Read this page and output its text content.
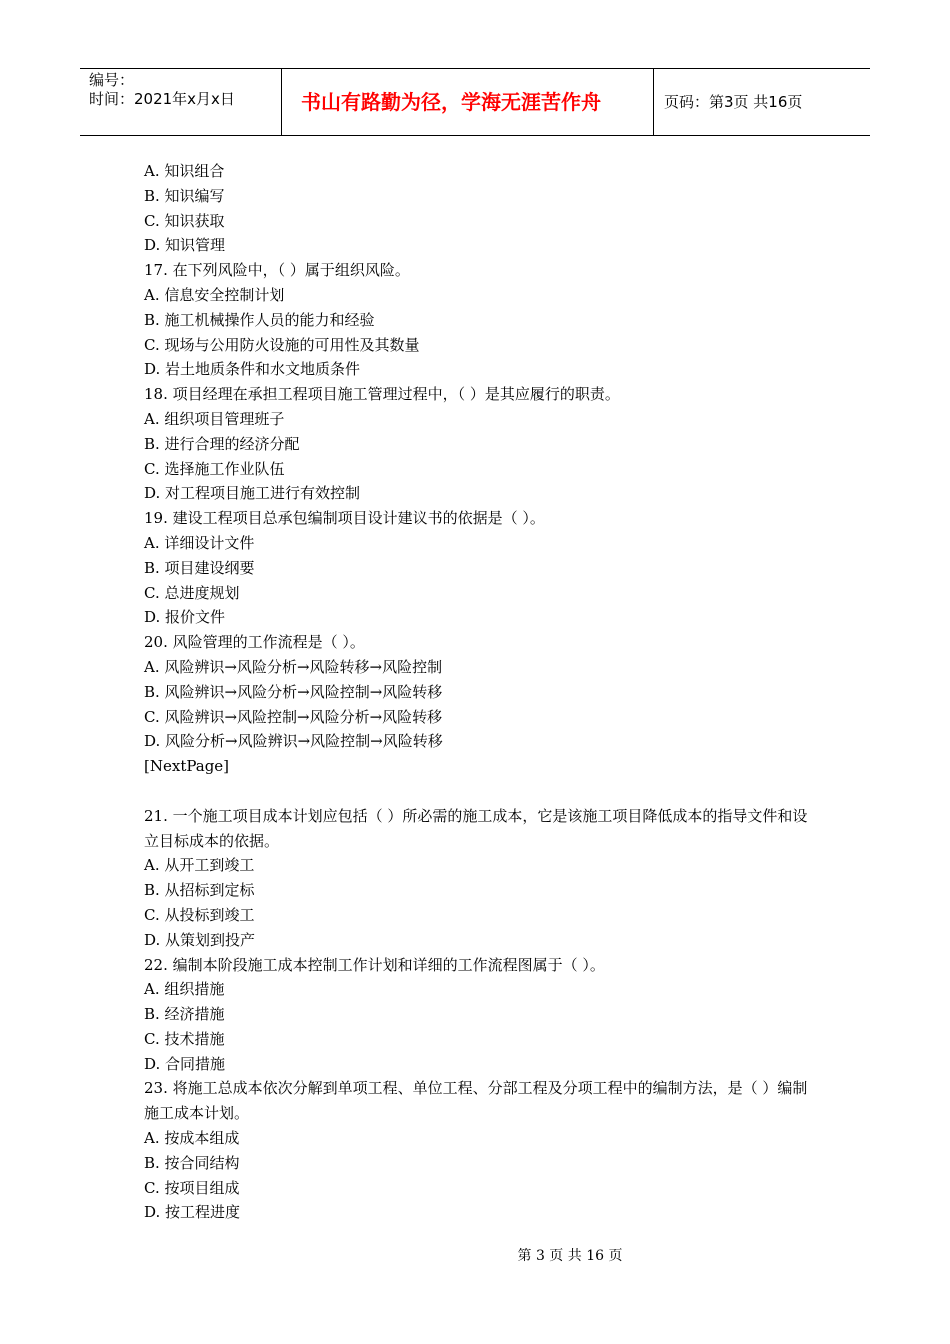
编号：
时间：2021年x月x日	书山有路勤为径，学海无涯苦作舟	页码：第3页 共16页
A. 知识组合
B. 知识编写
C. 知识获取
D. 知识管理
17. 在下列风险中，（ ）属于组织风险。
A. 信息安全控制计划
B. 施工机械操作人员的能力和经验
C. 现场与公用防火设施的可用性及其数量
D. 岩土地质条件和水文地质条件
18. 项目经理在承担工程项目施工管理过程中，（ ）是其应履行的职责。
A. 组织项目管理班子
B. 进行合理的经济分配
C. 选择施工作业队伍
D. 对工程项目施工进行有效控制
19. 建设工程项目总承包编制项目设计建议书的依据是（ ）。
A. 详细设计文件
B. 项目建设纲要
C. 总进度规划
D. 报价文件
20. 风险管理的工作流程是（ ）。
A. 风险辨识→风险分析→风险转移→风险控制
B. 风险辨识→风险分析→风险控制→风险转移
C. 风险辨识→风险控制→风险分析→风险转移
D. 风险分析→风险辨识→风险控制→风险转移
[NextPage]
21. 一个施工项目成本计划应包括（ ）所必需的施工成本，它是该施工项目降低成本的指导文件和设立目标成本的依据。
A. 从开工到竣工
B. 从招标到定标
C. 从投标到竣工
D. 从策划到投产
22. 编制本阶段施工成本控制工作计划和详细的工作流程图属于（ ）。
A. 组织措施
B. 经济措施
C. 技术措施
D. 合同措施
23. 将施工总成本依次分解到单项工程、单位工程、分部工程及分项工程中的编制方法，是（ ）编制施工成本计划。
A. 按成本组成
B. 按合同结构
C. 按项目组成
D. 按工程进度
第 3 页 共 16 页
